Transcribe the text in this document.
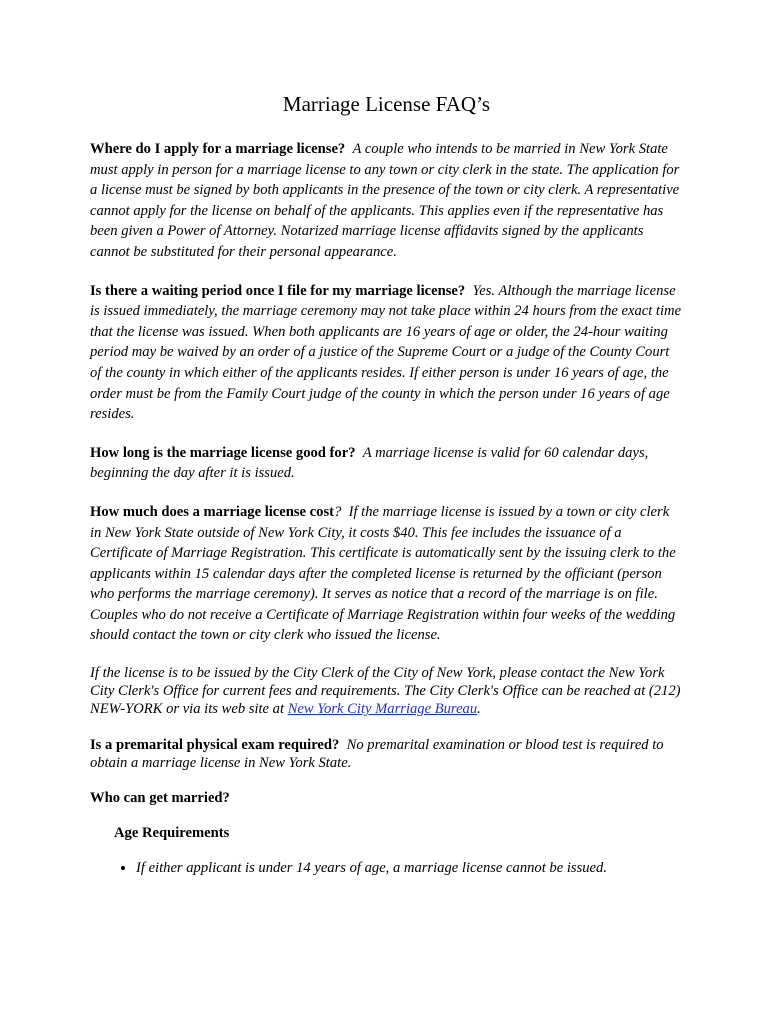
Marriage License FAQ’s

Where do I apply for a marriage license? A couple who intends to be married in New York State must apply in person for a marriage license to any town or city clerk in the state. The application for a license must be signed by both applicants in the presence of the town or city clerk. A representative cannot apply for the license on behalf of the applicants. This applies even if the representative has been given a Power of Attorney. Notarized marriage license affidavits signed by the applicants cannot be substituted for their personal appearance.

Is there a waiting period once I file for my marriage license? Yes. Although the marriage license is issued immediately, the marriage ceremony may not take place within 24 hours from the exact time that the license was issued. When both applicants are 16 years of age or older, the 24-hour waiting period may be waived by an order of a justice of the Supreme Court or a judge of the County Court of the county in which either of the applicants resides. If either person is under 16 years of age, the order must be from the Family Court judge of the county in which the person under 16 years of age resides.

How long is the marriage license good for? A marriage license is valid for 60 calendar days, beginning the day after it is issued.

How much does a marriage license cost? If the marriage license is issued by a town or city clerk in New York State outside of New York City, it costs $40. This fee includes the issuance of a Certificate of Marriage Registration. This certificate is automatically sent by the issuing clerk to the applicants within 15 calendar days after the completed license is returned by the officiant (person who performs the marriage ceremony). It serves as notice that a record of the marriage is on file. Couples who do not receive a Certificate of Marriage Registration within four weeks of the wedding should contact the town or city clerk who issued the license.

If the license is to be issued by the City Clerk of the City of New York, please contact the New York City Clerk's Office for current fees and requirements. The City Clerk's Office can be reached at (212) NEW-YORK or via its web site at New York City Marriage Bureau.

Is a premarital physical exam required? No premarital examination or blood test is required to obtain a marriage license in New York State.

Who can get married?
Age Requirements
• If either applicant is under 14 years of age, a marriage license cannot be issued.
